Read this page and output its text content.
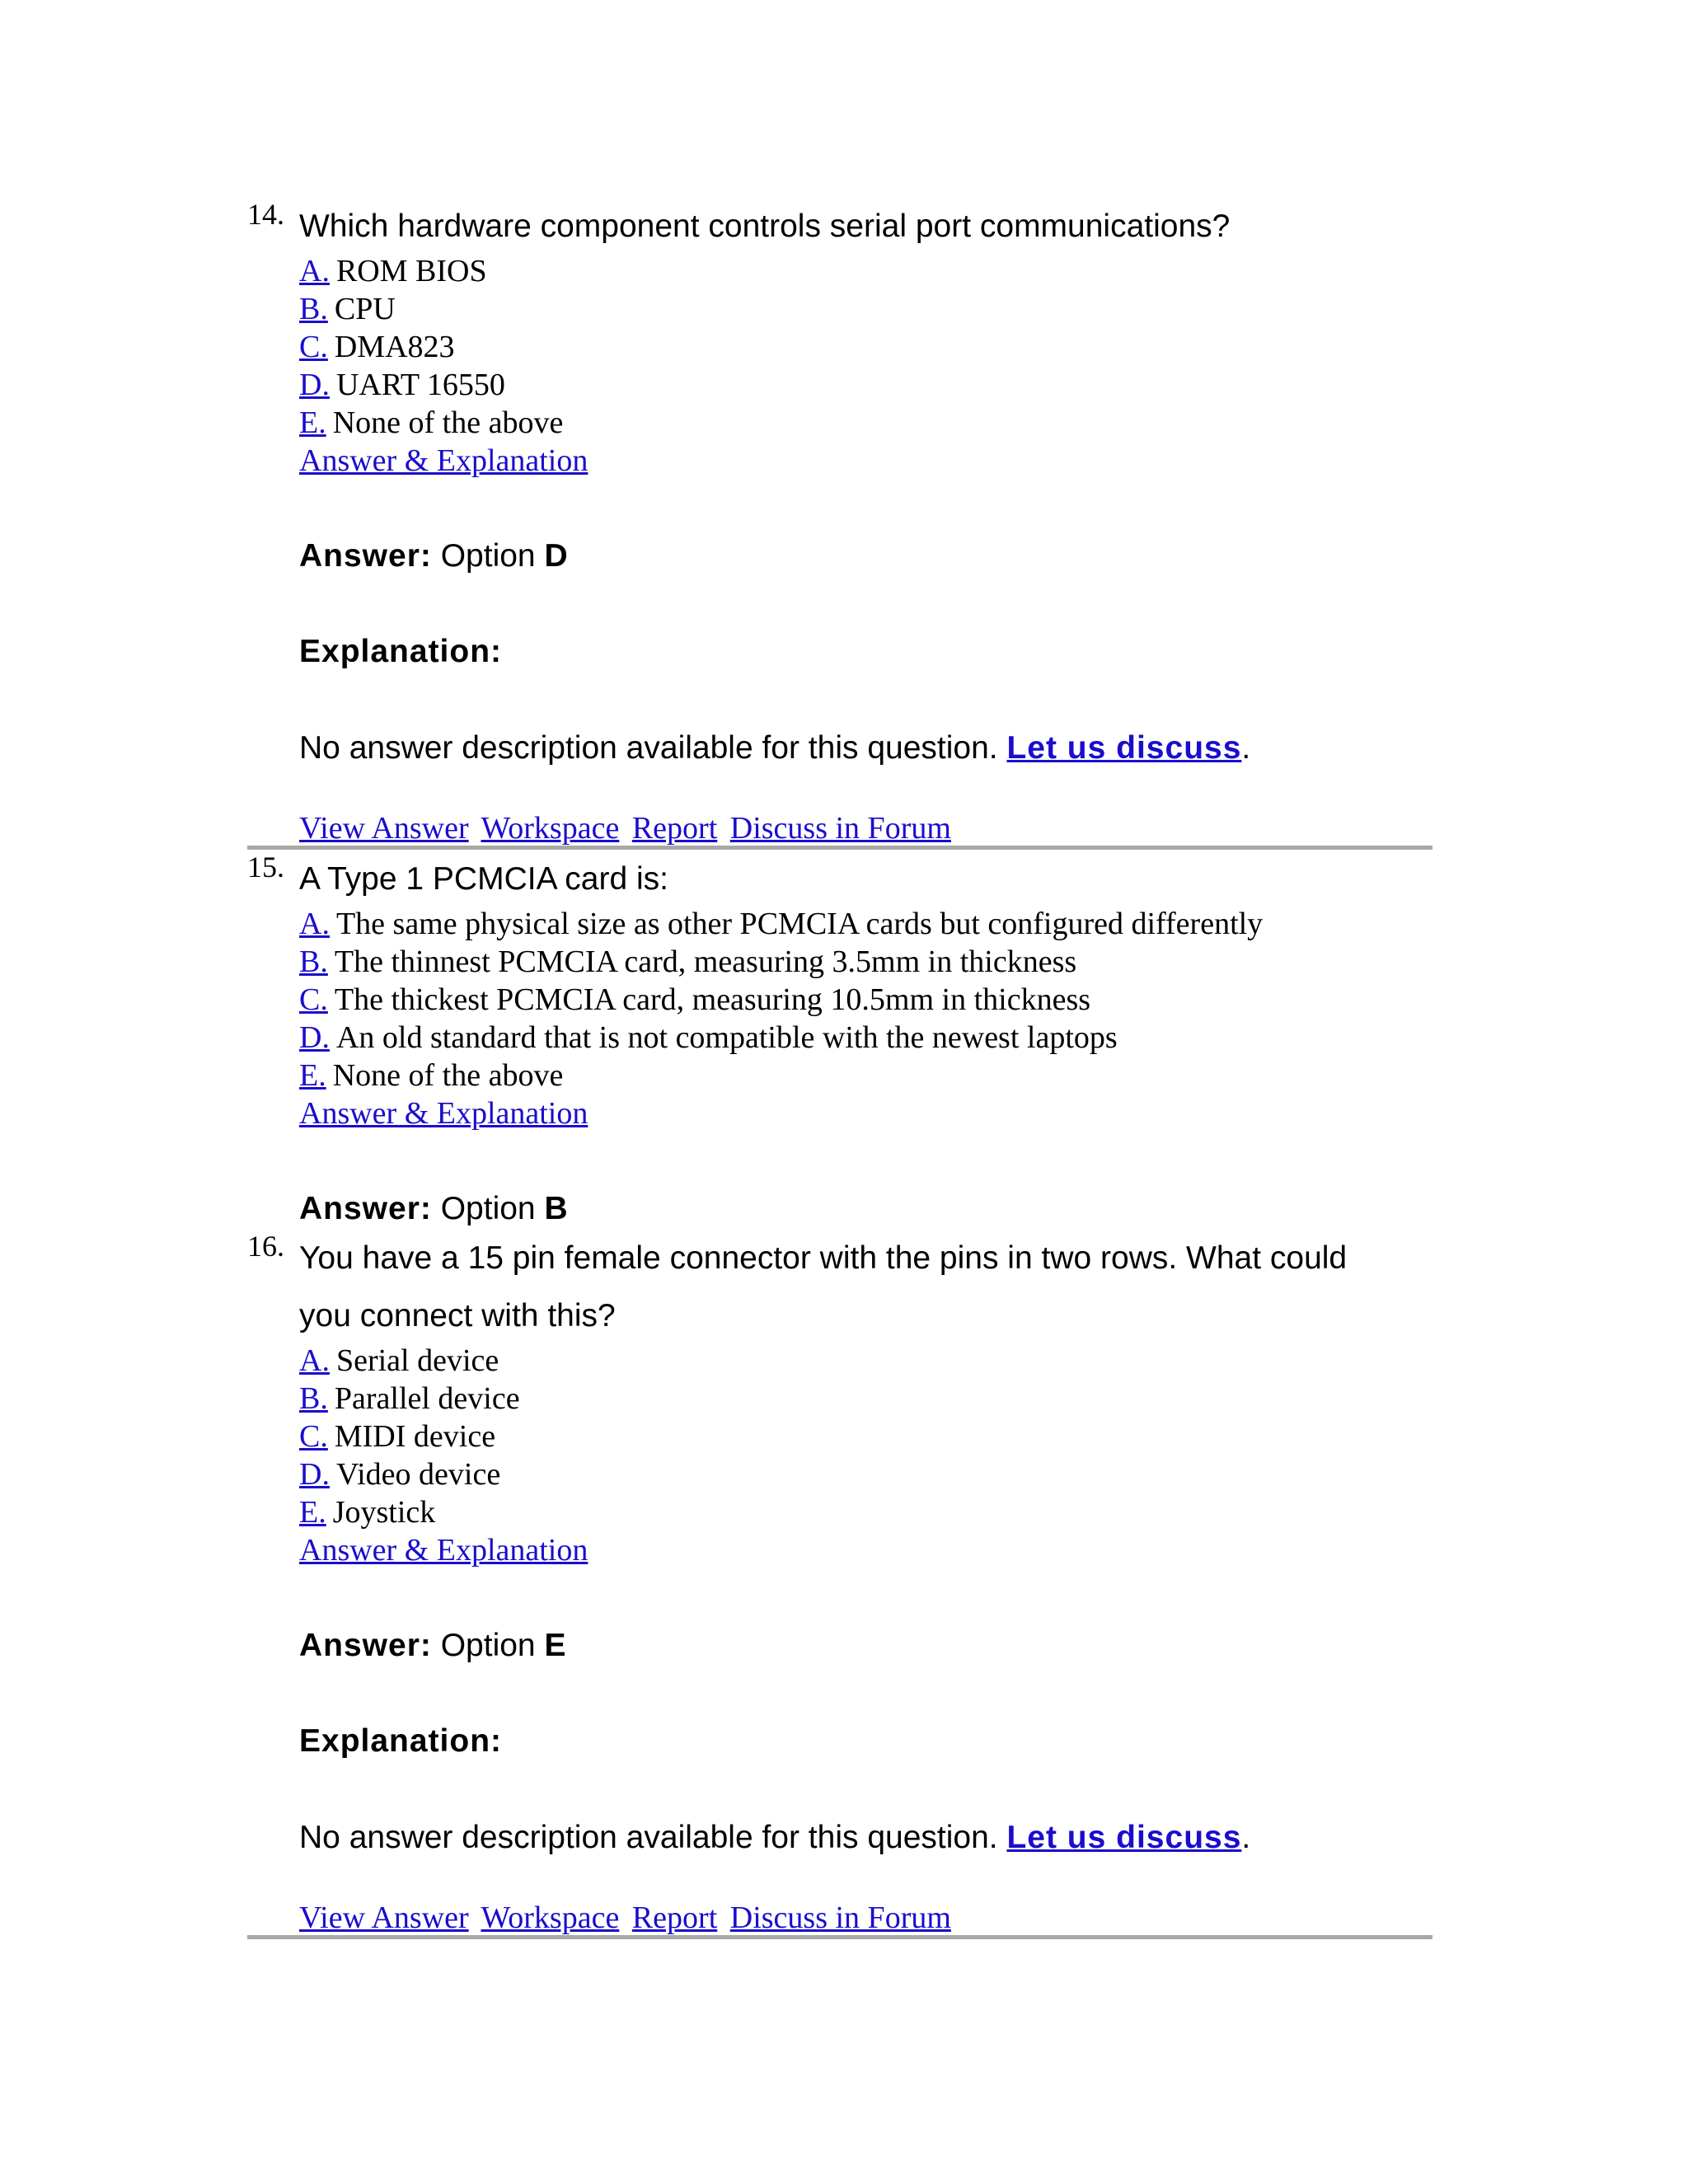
14. Which hardware component controls serial port communications?
A. ROM BIOS
B. CPU
C. DMA823
D. UART 16550
E. None of the above
Answer & Explanation
Answer: Option D
Explanation:
No answer description available for this question. Let us discuss.
View Answer Workspace Report Discuss in Forum
15. A Type 1 PCMCIA card is:
A. The same physical size as other PCMCIA cards but configured differently
B. The thinnest PCMCIA card, measuring 3.5mm in thickness
C. The thickest PCMCIA card, measuring 10.5mm in thickness
D. An old standard that is not compatible with the newest laptops
E. None of the above
Answer & Explanation
Answer: Option B
16. You have a 15 pin female connector with the pins in two rows. What could
you connect with this?
A. Serial device
B. Parallel device
C. MIDI device
D. Video device
E. Joystick
Answer & Explanation
Answer: Option E
Explanation:
No answer description available for this question. Let us discuss.
View Answer Workspace Report Discuss in Forum
